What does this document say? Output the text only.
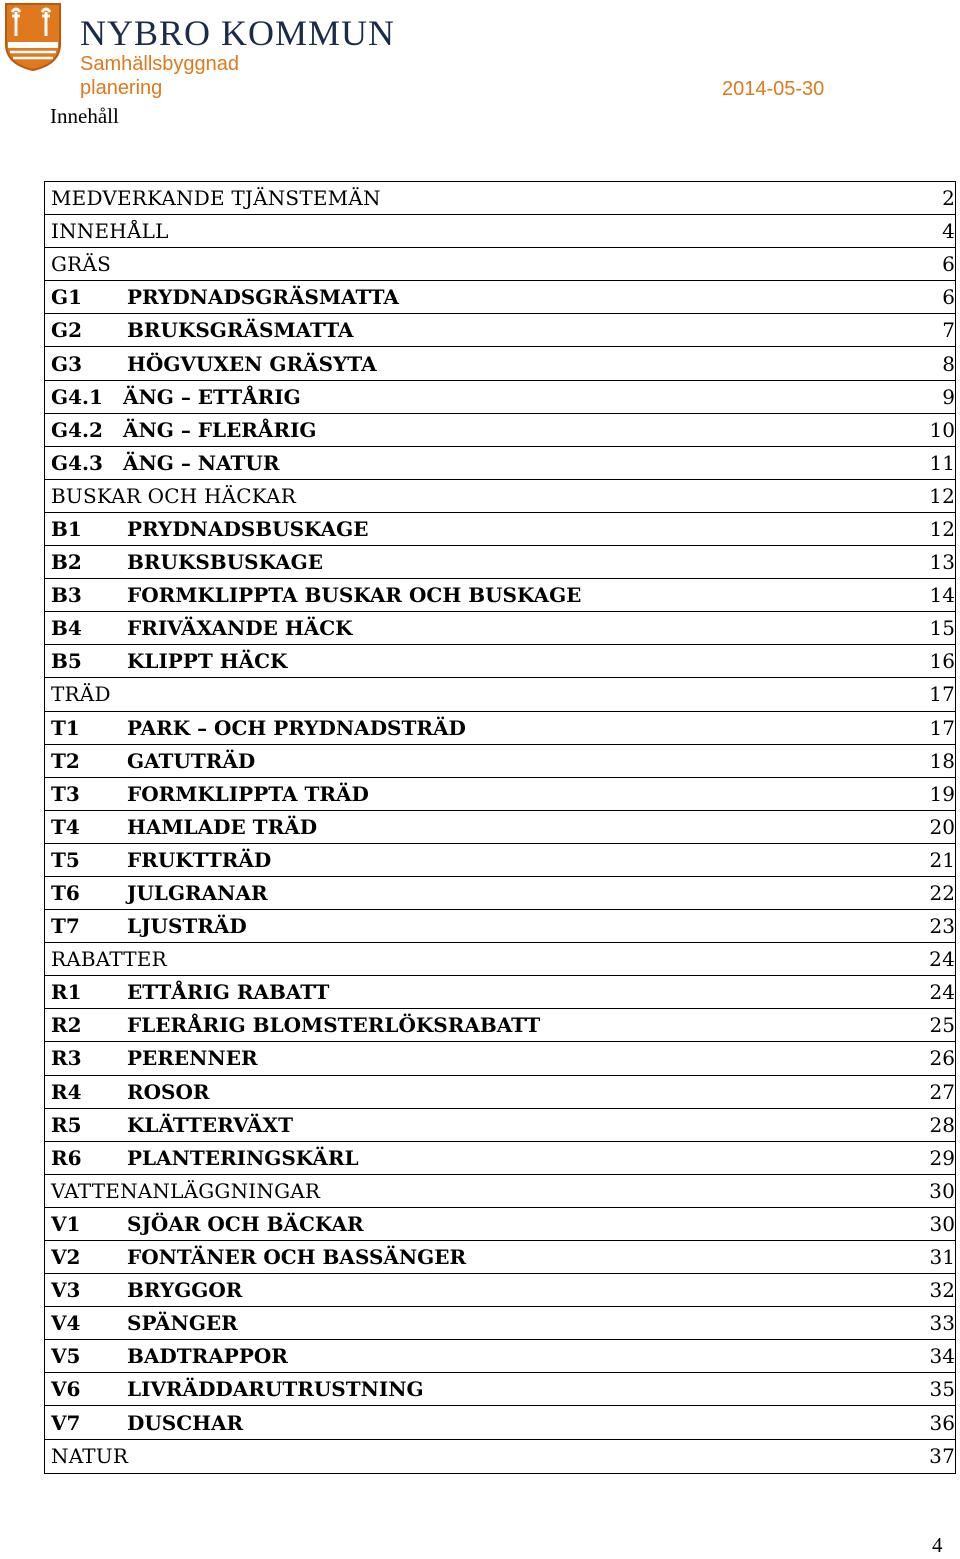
NYBRO KOMMUN
Samhällsbyggnad
planering	2014-05-30
Innehåll
MEDVERKANDE TJÄNSTEMÄN	2
INNEHÅLL	4
GRÄS	6
G1	PRYDNADSGRÄSMATTA	6
G2	BRUKSGRÄSMATTA	7
G3	HÖGVUXEN GRÄSYTA	8
G4.1	ÄNG – ETTÅRIG	9
G4.2	ÄNG – FLERÅRIG	10
G4.3	ÄNG – NATUR	11
BUSKAR OCH HÄCKAR	12
B1	PRYDNADSBUSKAGE	12
B2	BRUKSBUSKAGE	13
B3	FORMKLIPPTA BUSKAR OCH BUSKAGE	14
B4	FRIVÄXANDE HÄCK	15
B5	KLIPPT HÄCK	16
TRÄD	17
T1	PARK – OCH PRYDNADSTRÄD	17
T2	GATUTRÄD	18
T3	FORMKLIPPTA TRÄD	19
T4	HAMLADE TRÄD	20
T5	FRUKTTRÄD	21
T6	JULGRANAR	22
T7	LJUSTRÄD	23
RABATTER	24
R1	ETTÅRIG RABATT	24
R2	FLERÅRIG BLOMSTERLÖKSRABATT	25
R3	PERENNER	26
R4	ROSOR	27
R5	KLÄTTERVÄXT	28
R6	PLANTERINGSKÄRL	29
VATTENANLÄGGNINGAR	30
V1	SJÖAR OCH BÄCKAR	30
V2	FONTÄNER OCH BASSÄNGER	31
V3	BRYGGOR	32
V4	SPÄNGER	33
V5	BADTRAPPOR	34
V6	LIVRÄDDARUTRUSTNING	35
V7	DUSCHAR	36
NATUR	37
4
